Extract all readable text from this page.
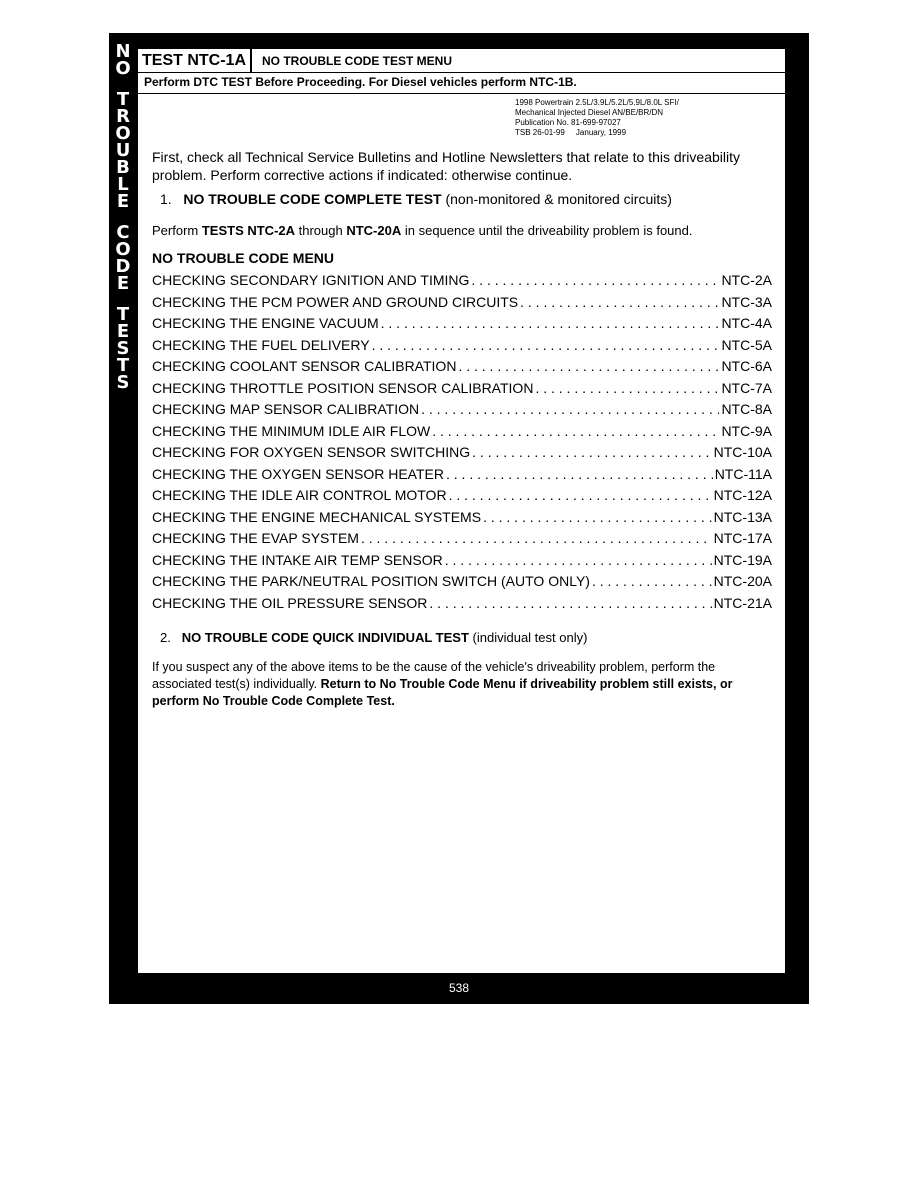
N
O
T
R
O
U
B
L
E
C
O
D
E
T
E
S
T
S
TEST NTC-1A	NO TROUBLE CODE TEST MENU
Perform DTC TEST Before Proceeding. For Diesel vehicles perform NTC-1B.
1998 Powertrain 2.5L/3.9L/5.2L/5.9L/8.0L SFI/
Mechanical Injected Diesel AN/BE/BR/DN
Publication No. 81-699-97027
TSB 26-01-99     January, 1999
First, check all Technical Service Bulletins and Hotline Newsletters that relate to this driveability problem. Perform corrective actions if indicated: otherwise continue.
1. NO TROUBLE CODE COMPLETE TEST (non-monitored & monitored circuits)
Perform TESTS NTC-2A through NTC-20A in sequence until the driveability problem is found.
NO TROUBLE CODE MENU
CHECKING SECONDARY IGNITION AND TIMING . . .	NTC-2A
CHECKING THE PCM POWER AND GROUND CIRCUITS . . .	NTC-3A
CHECKING THE ENGINE VACUUM . . .	NTC-4A
CHECKING THE FUEL DELIVERY . . .	NTC-5A
CHECKING COOLANT SENSOR CALIBRATION . . .	NTC-6A
CHECKING THROTTLE POSITION SENSOR CALIBRATION . . .	NTC-7A
CHECKING MAP SENSOR CALIBRATION . . .	NTC-8A
CHECKING THE MINIMUM IDLE AIR FLOW . . .	NTC-9A
CHECKING FOR OXYGEN SENSOR SWITCHING . . .	NTC-10A
CHECKING THE OXYGEN SENSOR HEATER . . .	NTC-11A
CHECKING THE IDLE AIR CONTROL MOTOR . . .	NTC-12A
CHECKING THE ENGINE MECHANICAL SYSTEMS . . .	NTC-13A
CHECKING THE EVAP SYSTEM . . .	NTC-17A
CHECKING THE INTAKE AIR TEMP SENSOR . . .	NTC-19A
CHECKING THE PARK/NEUTRAL POSITION SWITCH (AUTO ONLY) . . .	NTC-20A
CHECKING THE OIL PRESSURE SENSOR . . .	NTC-21A
2. NO TROUBLE CODE QUICK INDIVIDUAL TEST (individual test only)
If you suspect any of the above items to be the cause of the vehicle's driveability problem, perform the associated test(s) individually. Return to No Trouble Code Menu if driveability problem still exists, or perform No Trouble Code Complete Test.
538
